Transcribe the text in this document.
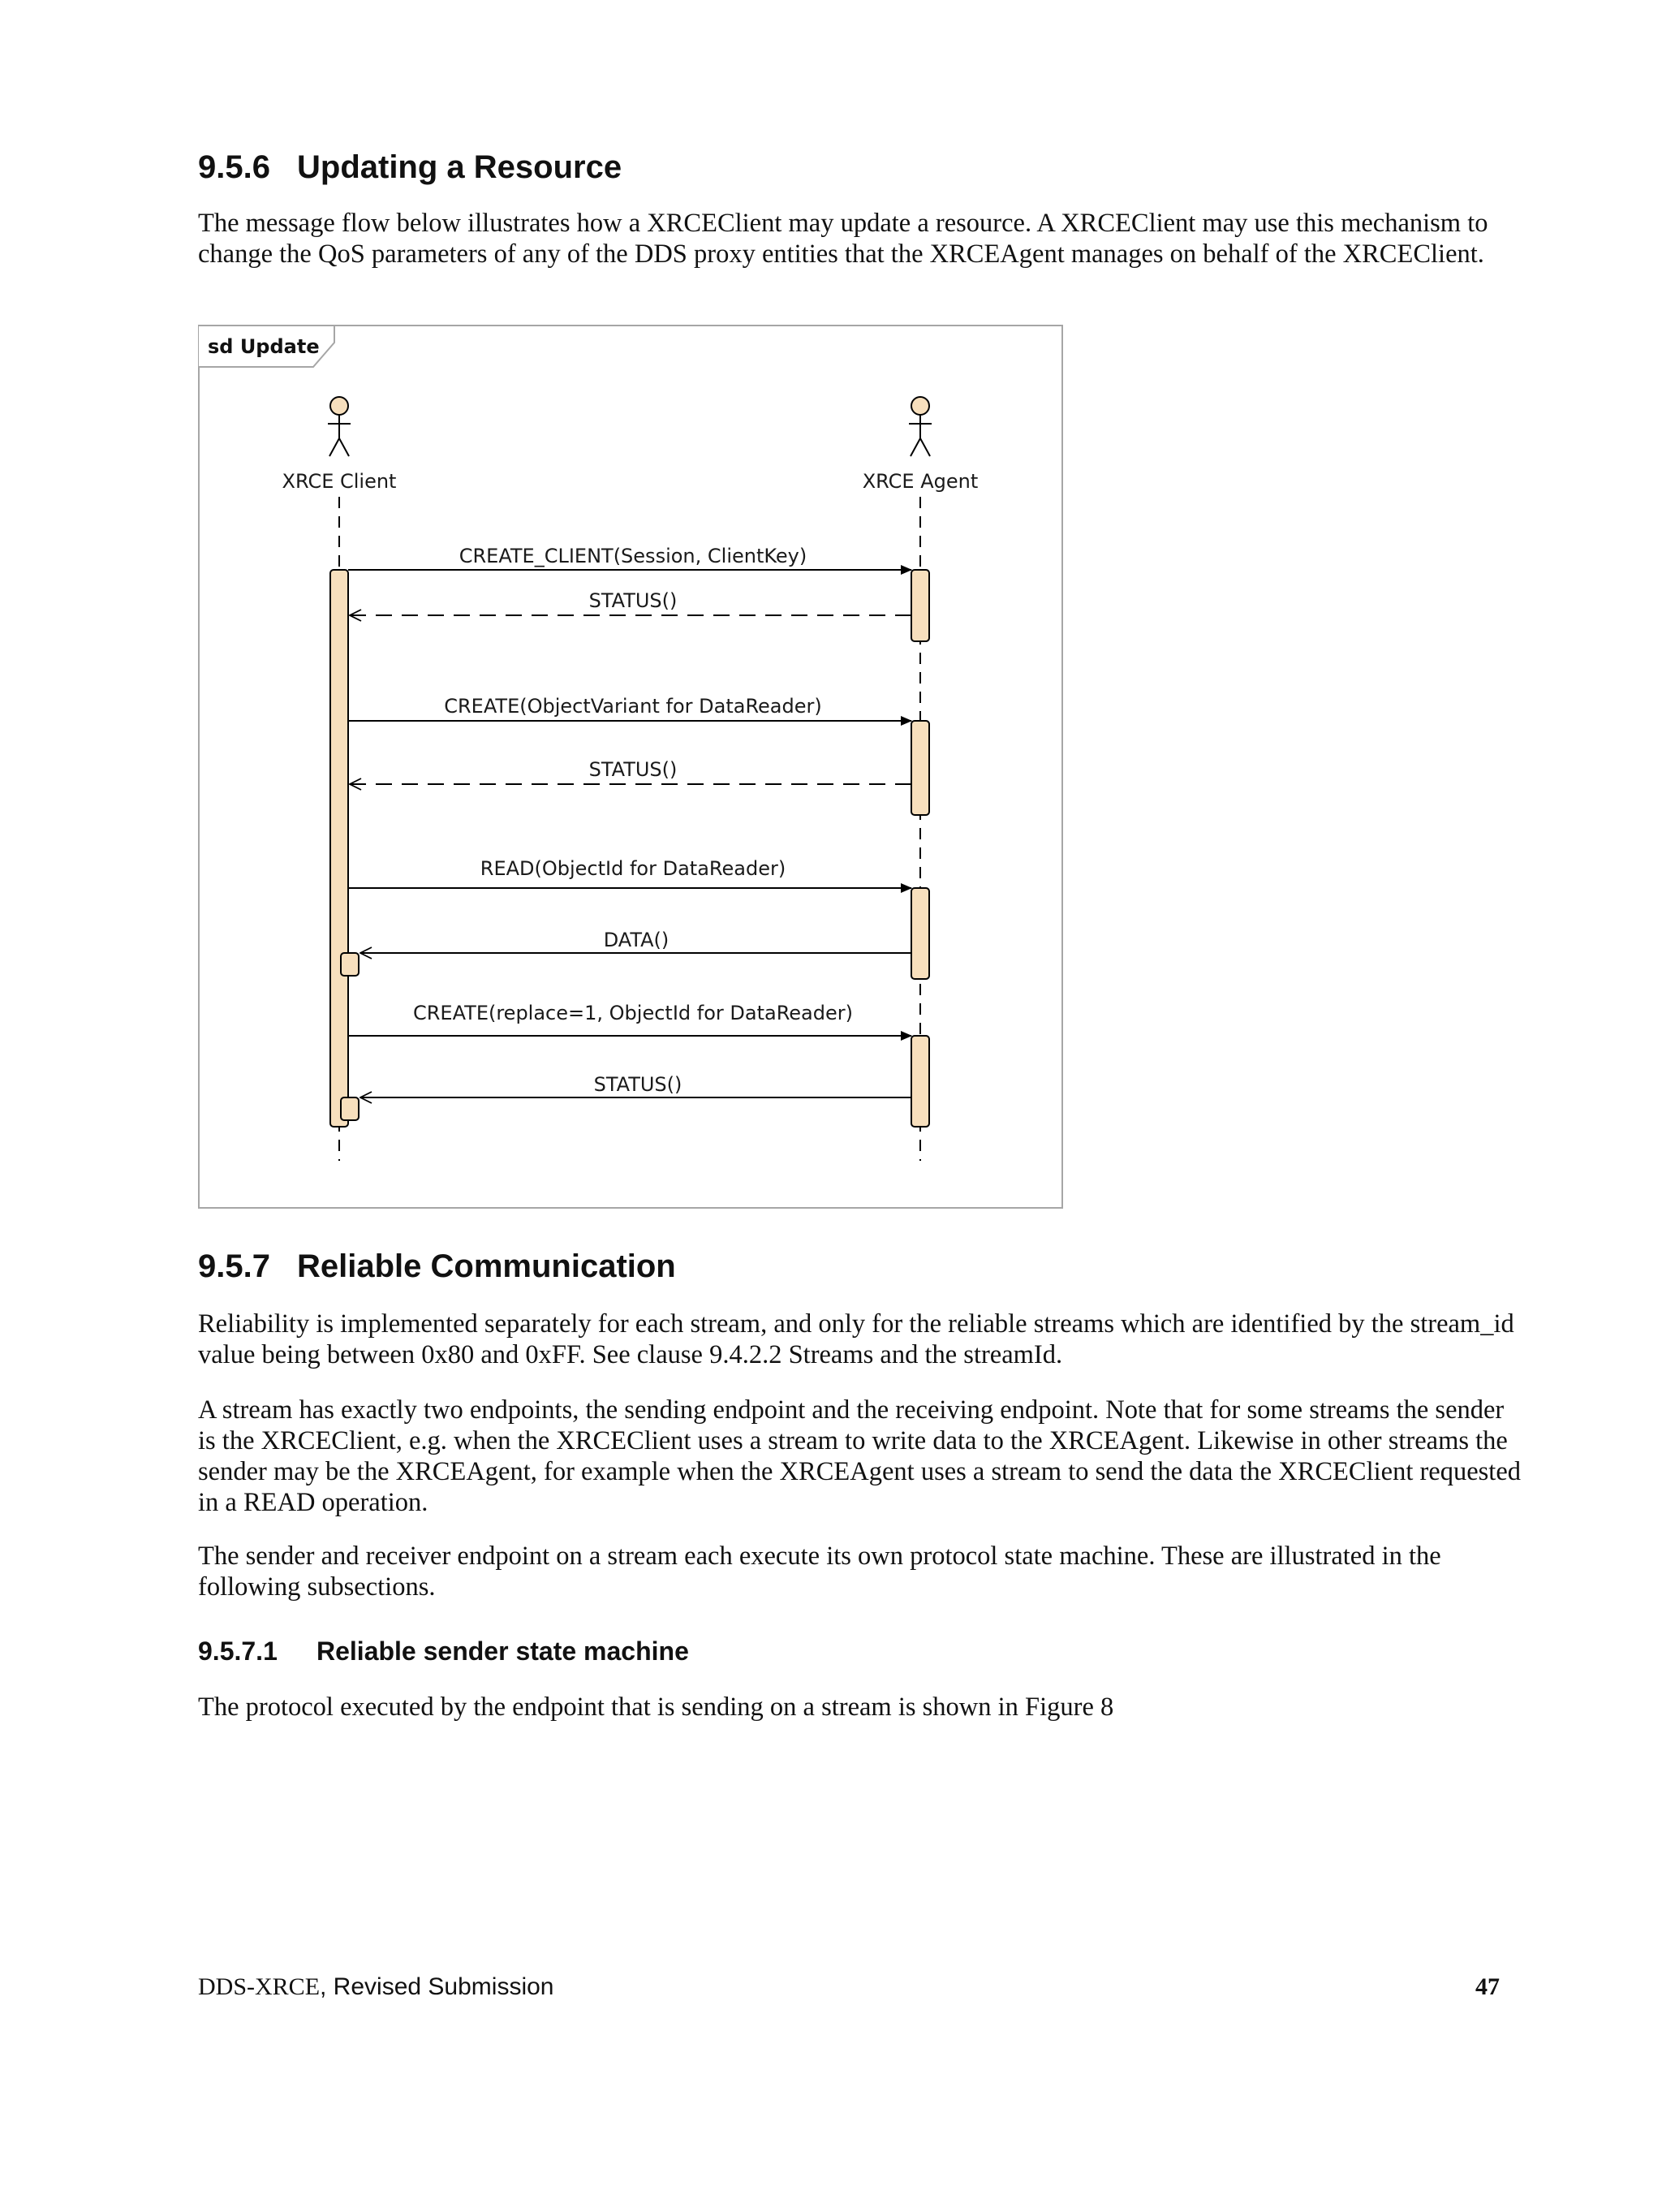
9.5.6 Updating a Resource

The message flow below illustrates how a XRCEClient may update a resource. A XRCEClient may use this mechanism to change the QoS parameters of any of the DDS proxy entities that the XRCEAgent manages on behalf of the XRCEClient.

sd Update
XRCE Client	XRCE Agent
CREATE_CLIENT(Session, ClientKey)
STATUS()
CREATE(ObjectVariant for DataReader)
STATUS()
READ(ObjectId for DataReader)
DATA()
CREATE(replace=1, ObjectId for DataReader)
STATUS()
9.5.7 Reliable Communication

Reliability is implemented separately for each stream, and only for the reliable streams which are identified by the stream_id value being between 0x80 and 0xFF. See clause 9.4.2.2 Streams and the streamId.

A stream has exactly two endpoints, the sending endpoint and the receiving endpoint. Note that for some streams the sender is the XRCEClient, e.g. when the XRCEClient uses a stream to write data to the XRCEAgent. Likewise in other streams the sender may be the XRCEAgent, for example when the XRCEAgent uses a stream to send the data the XRCEClient requested in a READ operation.

The sender and receiver endpoint on a stream each execute its own protocol state machine. These are illustrated in the following subsections.

9.5.7.1 Reliable sender state machine

The protocol executed by the endpoint that is sending on a stream is shown in Figure 8

DDS-XRCE, Revised Submission	47
